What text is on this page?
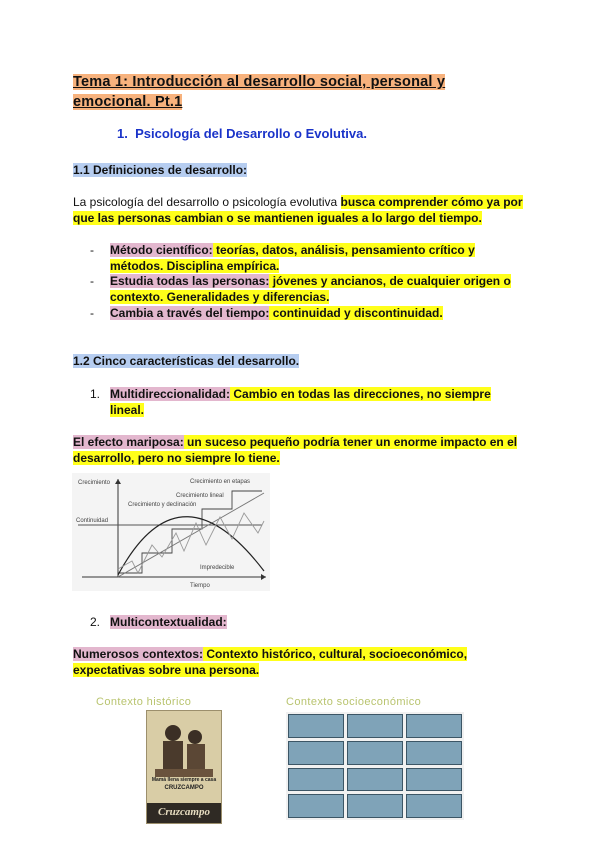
Tema 1: Introducción al desarrollo social, personal y
emocional. Pt.1
1. Psicología del Desarrollo o Evolutiva.
1.1 Definiciones de desarrollo:
La psicología del desarrollo o psicología evolutiva busca comprender cómo ya por que las personas cambian o se mantienen iguales a lo largo del tiempo.
- Método científico: teorías, datos, análisis, pensamiento crítico y métodos. Disciplina empírica.
- Estudia todas las personas: jóvenes y ancianos, de cualquier origen o contexto. Generalidades y diferencias.
- Cambia a través del tiempo: continuidad y discontinuidad.
1.2 Cinco características del desarrollo.
1. Multidireccionalidad: Cambio en todas las direcciones, no siempre lineal.
El efecto mariposa: un suceso pequeño podría tener un enorme impacto en el desarrollo, pero no siempre lo tiene.
Crecimiento
Continuidad
Tiempo
Crecimiento en etapas
Crecimiento lineal
Crecimiento y declinación
Impredecible
2. Multicontextualidad:
Numerosos contextos: Contexto histórico, cultural, socioeconómico, expectativas sobre una persona.
Contexto histórico	Contexto socioeconómico
Mamá llena siempre a casa
CRUZCAMPO
Cruzcampo
